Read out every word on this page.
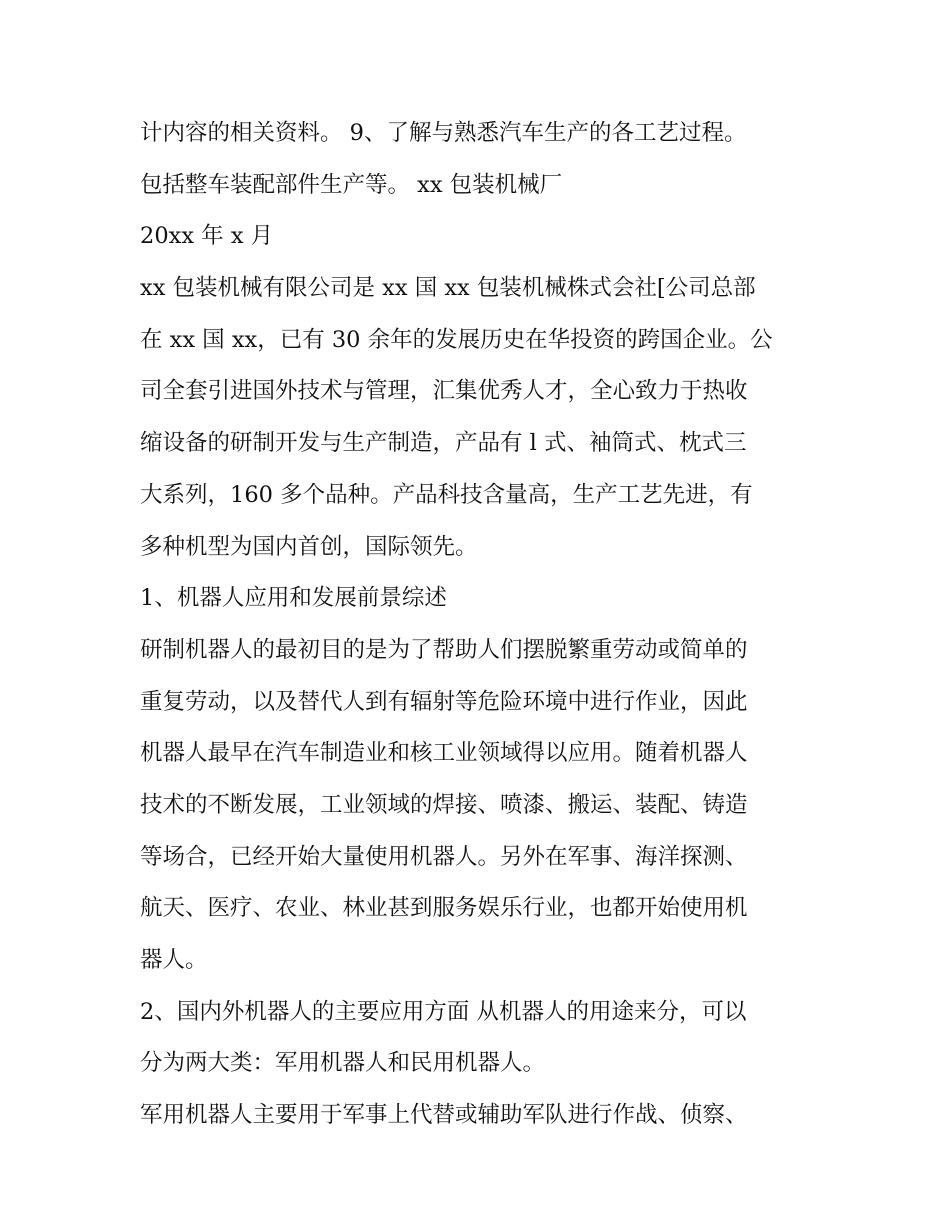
计内容的相关资料。 9、了解与熟悉汽车生产的各工艺过程。
包括整车装配部件生产等。 xx 包装机械厂
20xx 年 x 月
xx 包装机械有限公司是 xx 国 xx 包装机械株式会社[公司总部
在 xx 国 xx，已有 30 余年的发展历史在华投资的跨国企业。公
司全套引进国外技术与管理，汇集优秀人才，全心致力于热收
缩设备的研制开发与生产制造，产品有 l 式、袖筒式、枕式三
大系列，160 多个品种。产品科技含量高，生产工艺先进，有
多种机型为国内首创，国际领先。
1、机器人应用和发展前景综述
研制机器人的最初目的是为了帮助人们摆脱繁重劳动或简单的
重复劳动，以及替代人到有辐射等危险环境中进行作业，因此
机器人最早在汽车制造业和核工业领域得以应用。随着机器人
技术的不断发展，工业领域的焊接、喷漆、搬运、装配、铸造
等场合，已经开始大量使用机器人。另外在军事、海洋探测、
航天、医疗、农业、林业甚到服务娱乐行业，也都开始使用机
器人。
2、国内外机器人的主要应用方面 从机器人的用途来分，可以
分为两大类：军用机器人和民用机器人。
军用机器人主要用于军事上代替或辅助军队进行作战、侦察、
